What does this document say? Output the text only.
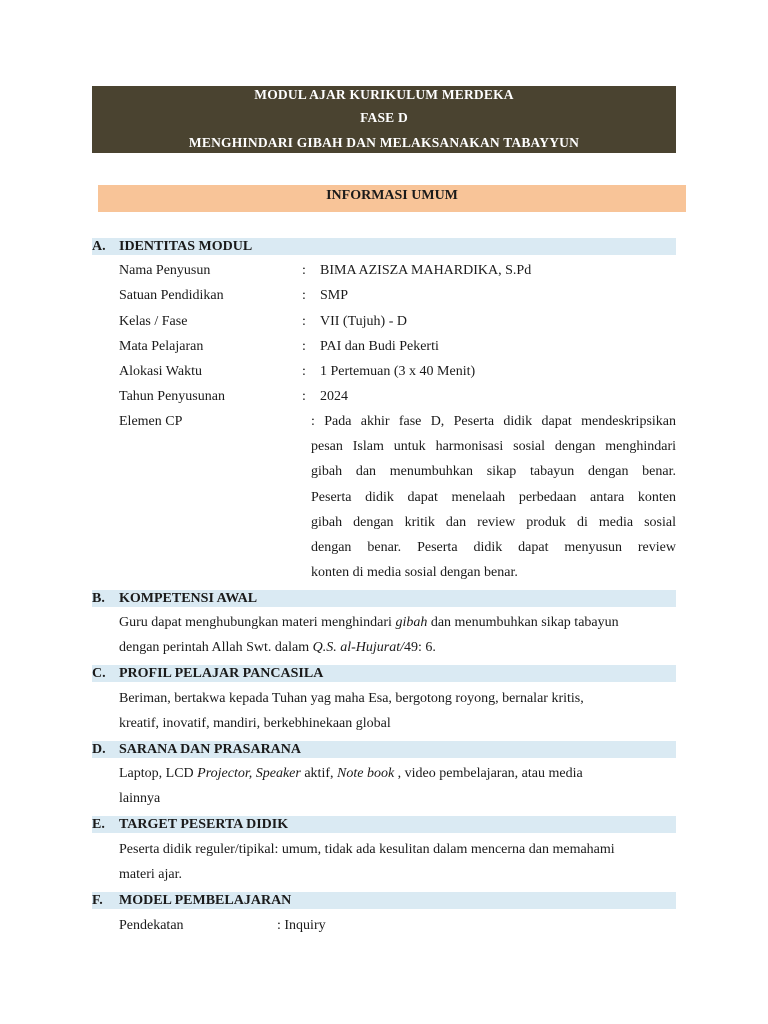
MODUL AJAR KURIKULUM MERDEKA
FASE D
MENGHINDARI GIBAH DAN MELAKSANAKAN TABAYYUN
INFORMASI UMUM
A. IDENTITAS MODUL
Nama Penyusun	: BIMA AZISZA MAHARDIKA, S.Pd
Satuan Pendidikan	: SMP
Kelas / Fase	: VII (Tujuh) - D
Mata Pelajaran	: PAI dan Budi Pekerti
Alokasi Waktu	: 1 Pertemuan (3 x 40 Menit)
Tahun Penyusunan	: 2024
Elemen CP	: Pada akhir fase D, Peserta didik dapat mendeskripsikan
pesan Islam untuk harmonisasi sosial dengan menghindari
gibah dan menumbuhkan sikap tabayun dengan benar.
Peserta didik dapat menelaah perbedaan antara konten
gibah dengan kritik dan review produk di media sosial
dengan benar. Peserta didik dapat menyusun review
konten di media sosial dengan benar.
B. KOMPETENSI AWAL
Guru dapat menghubungkan materi menghindari gibah dan menumbuhkan sikap tabayun
dengan perintah Allah Swt. dalam Q.S. al-Hujurat/49: 6.
C. PROFIL PELAJAR PANCASILA
Beriman, bertakwa kepada Tuhan yag maha Esa, bergotong royong, bernalar kritis,
kreatif, inovatif, mandiri, berkebhinekaan global
D. SARANA DAN PRASARANA
Laptop, LCD Projector, Speaker aktif, Note book , video pembelajaran, atau media
lainnya
E. TARGET PESERTA DIDIK
Peserta didik reguler/tipikal: umum, tidak ada kesulitan dalam mencerna dan memahami
materi ajar.
F. MODEL PEMBELAJARAN
Pendekatan	: Inquiry
